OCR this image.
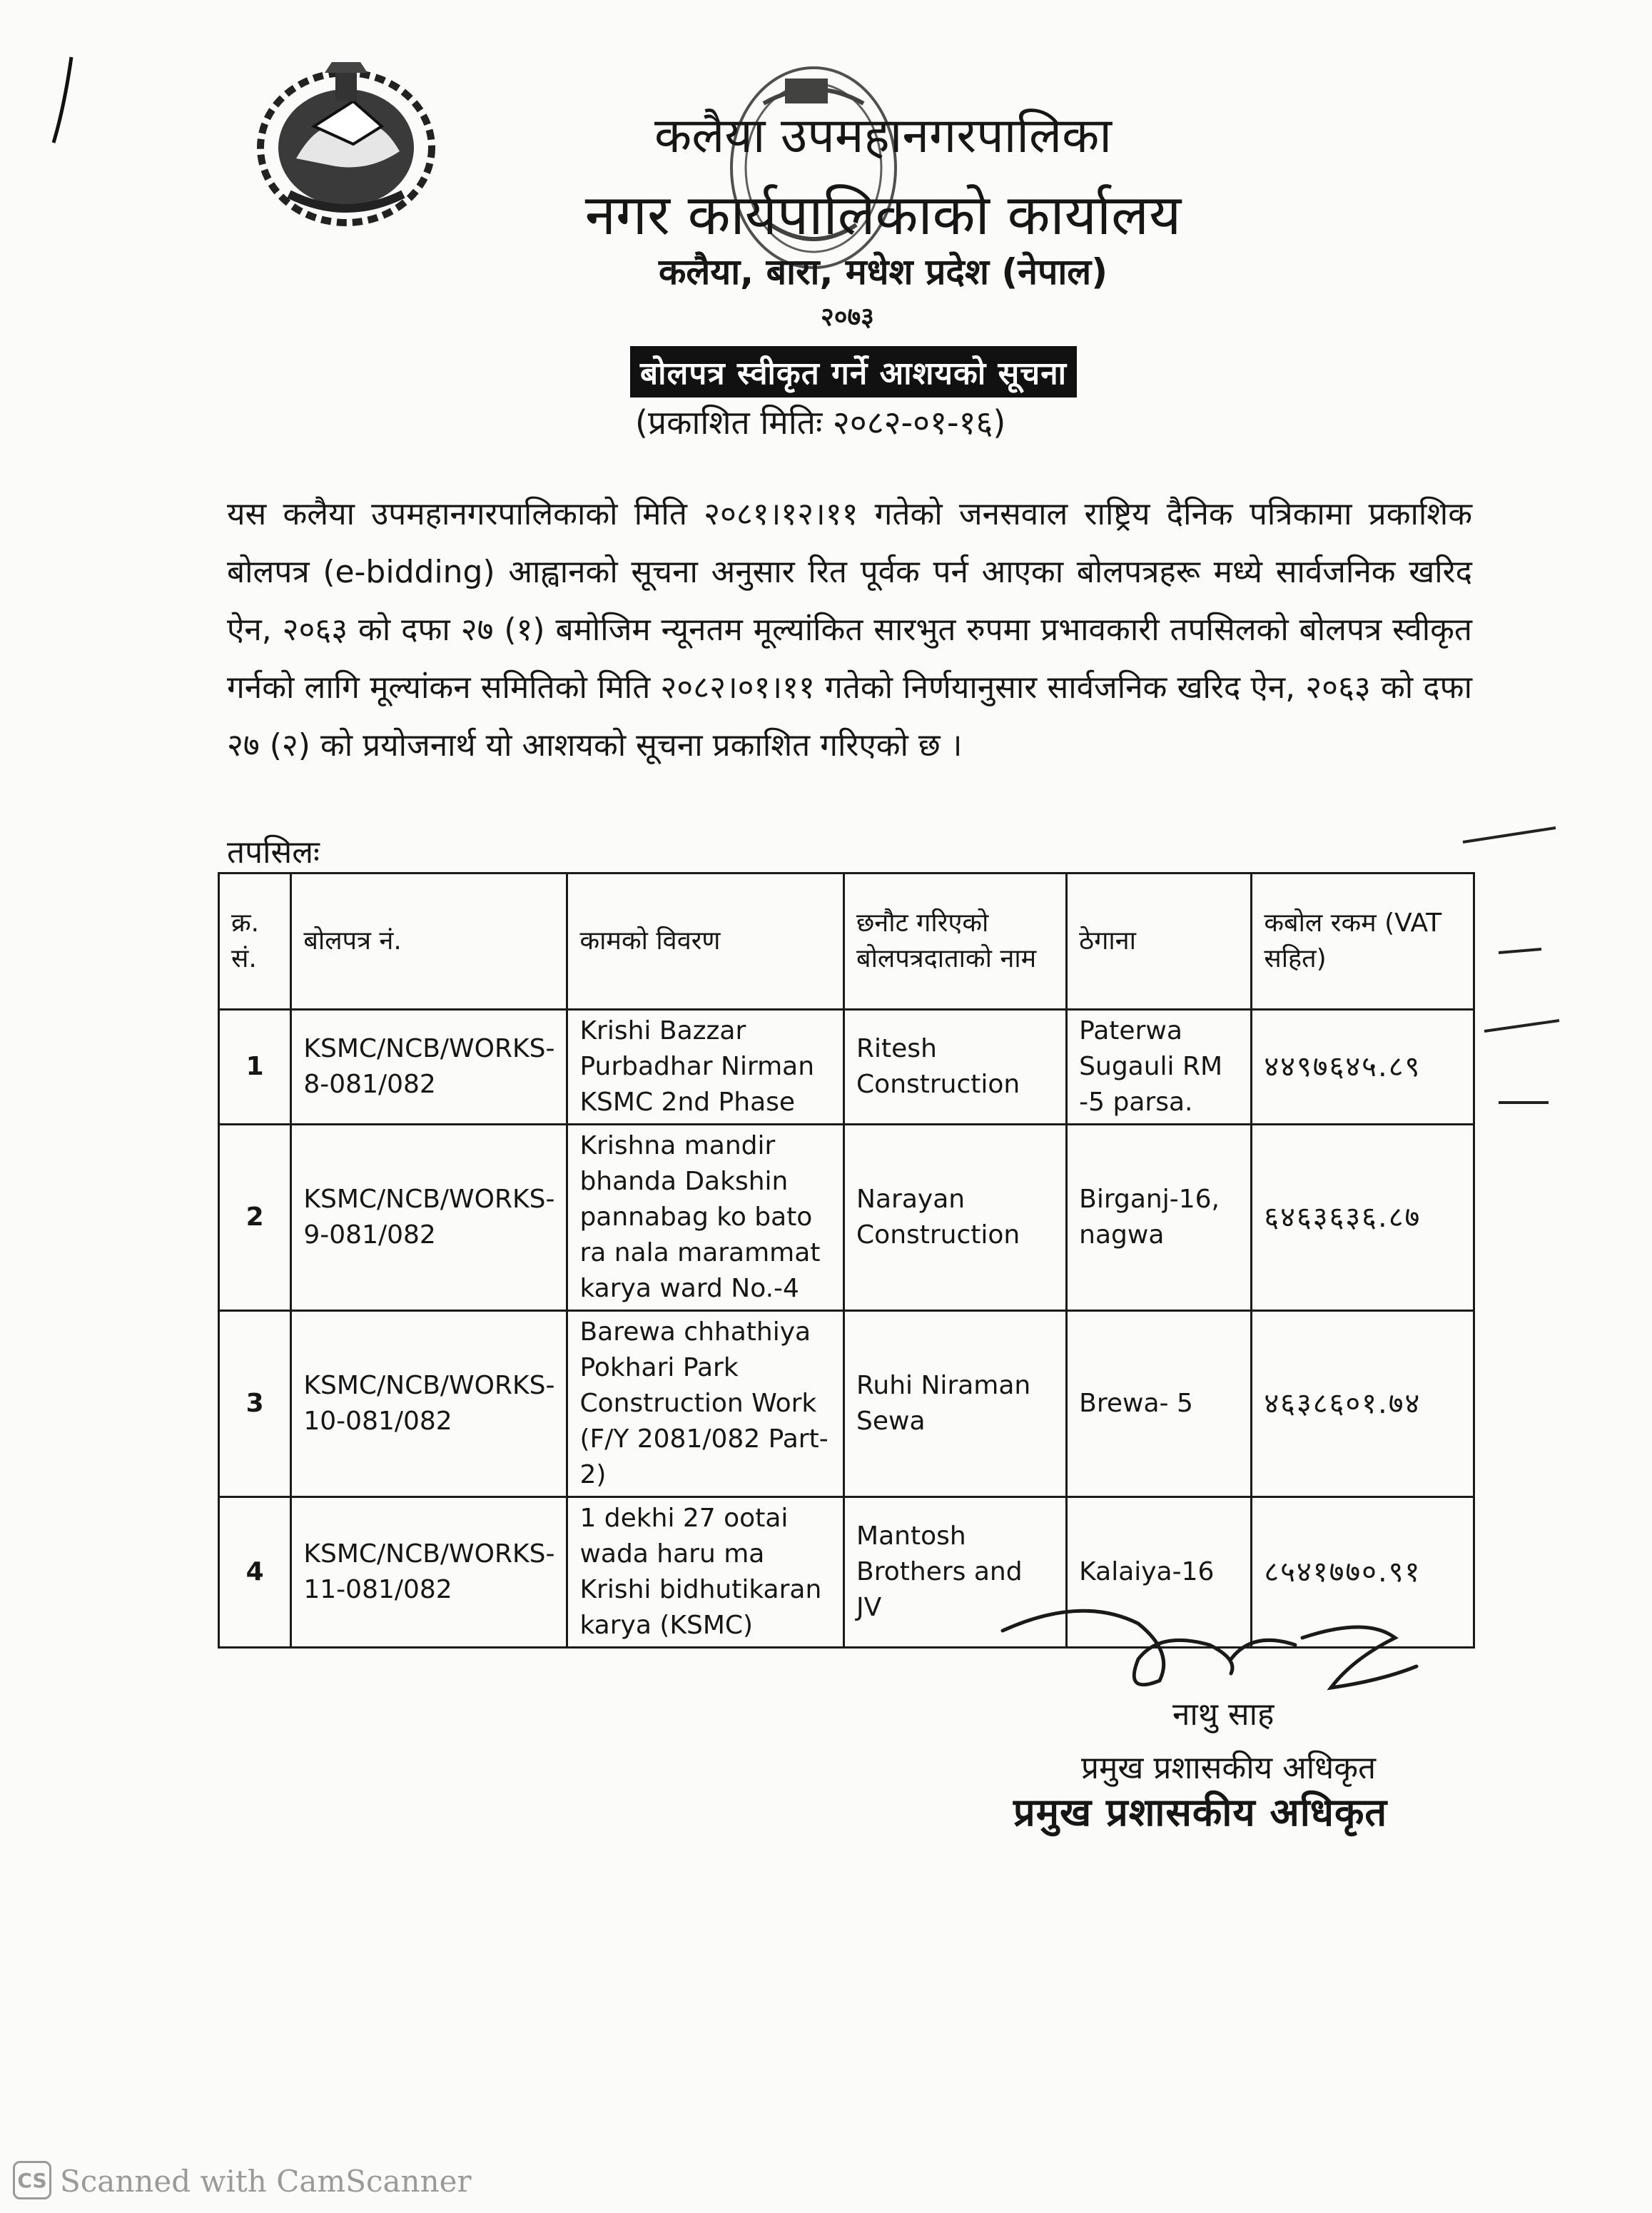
कलैया उपमहानगरपालिका
नगर कार्यपालिकाको कार्यालय
कलैया, बारा, मधेश प्रदेश (नेपाल)
२०७३
बोलपत्र स्वीकृत गर्ने आशयको सूचना
(प्रकाशित मितिः २०८२-०१-१६)
यस कलैया उपमहानगरपालिकाको मिति २०८१।१२।११ गतेको जनसवाल राष्ट्रिय दैनिक पत्रिकामा प्रकाशिक बोलपत्र (e-bidding) आह्वानको सूचना अनुसार रित पूर्वक पर्न आएका बोलपत्रहरू मध्ये सार्वजनिक खरिद ऐन, २०६३ को दफा २७ (१) बमोजिम न्यूनतम मूल्यांकित सारभुत रुपमा प्रभावकारी तपसिलको बोलपत्र स्वीकृत गर्नको लागि मूल्यांकन समितिको मिति २०८२।०१।११ गतेको निर्णयानुसार सार्वजनिक खरिद ऐन, २०६३ को दफा २७ (२) को प्रयोजनार्थ यो आशयको सूचना प्रकाशित गरिएको छ ।
तपसिलः
क्र. सं.	बोलपत्र नं.	कामको विवरण	छनौट गरिएको बोलपत्रदाताको नाम	ठेगाना	कबोल रकम (VAT सहित)
1	KSMC/NCB/WORKS-8-081/082	Krishi Bazzar Purbadhar Nirman KSMC 2nd Phase	Ritesh Construction	Paterwa Sugauli RM -5 parsa.	४४९७६४५.८९
2	KSMC/NCB/WORKS-9-081/082	Krishna mandir bhanda Dakshin pannabag ko bato ra nala marammat karya ward No.-4	Narayan Construction	Birganj-16, nagwa	६४६३६३६.८७
3	KSMC/NCB/WORKS-10-081/082	Barewa chhathiya Pokhari Park Construction Work (F/Y 2081/082 Part-2)	Ruhi Niraman Sewa	Brewa- 5	४६३८६०१.७४
4	KSMC/NCB/WORKS-11-081/082	1 dekhi 27 ootai wada haru ma Krishi bidhutikaran karya (KSMC)	Mantosh Brothers and JV	Kalaiya-16	८५४१७७०.९१
नाथु साह
प्रमुख प्रशासकीय अधिकृत
प्रमुख प्रशासकीय अधिकृत
CS Scanned with CamScanner
